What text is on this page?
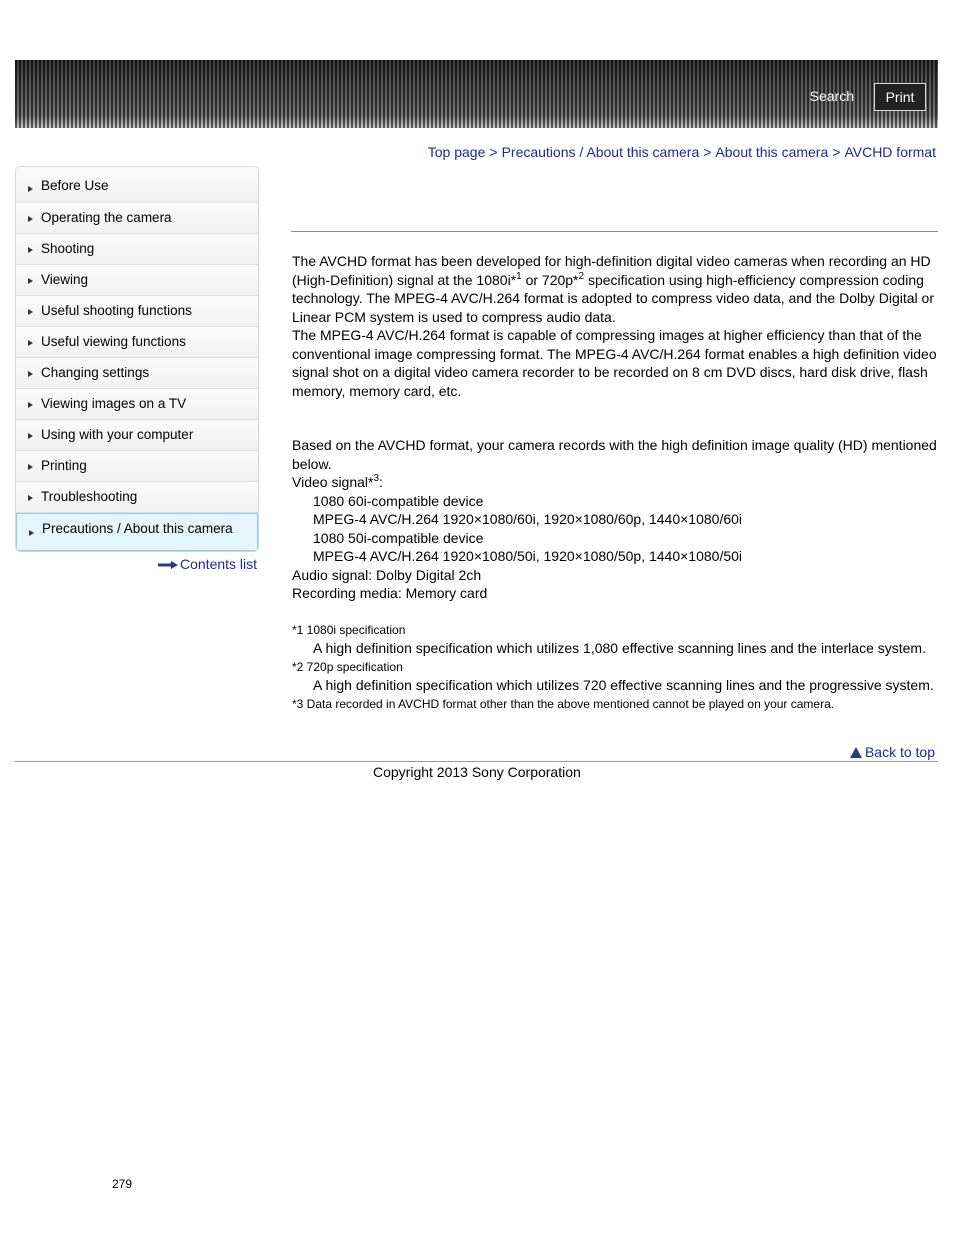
Search	Print
Top page > Precautions / About this camera > About this camera > AVCHD format
Before Use
Operating the camera
Shooting
Viewing
Useful shooting functions
Useful viewing functions
Changing settings
Viewing images on a TV
Using with your computer
Printing
Troubleshooting
Precautions / About this camera
Contents list

The AVCHD format has been developed for high-definition digital video cameras when recording an HD (High-Definition) signal at the 1080i*$^1$ or 720p*$^2$ specification using high-efficiency compression coding technology. The MPEG-4 AVC/H.264 format is adopted to compress video data, and the Dolby Digital or Linear PCM system is used to compress audio data.

The MPEG-4 AVC/H.264 format is capable of compressing images at higher efficiency than that of the conventional image compressing format. The MPEG-4 AVC/H.264 format enables a high definition video signal shot on a digital video camera recorder to be recorded on 8 cm DVD discs, hard disk drive, flash memory, memory card, etc.

Based on the AVCHD format, your camera records with the high definition image quality (HD) mentioned below.

Video signal*$^3$:

1080 60i-compatible device

MPEG-4 AVC/H.264 1920×1080/60i, 1920×1080/60p, 1440×1080/60i

1080 50i-compatible device

MPEG-4 AVC/H.264 1920×1080/50i, 1920×1080/50p, 1440×1080/50i

Audio signal: Dolby Digital 2ch

Recording media: Memory card

*1 1080i specification

A high definition specification which utilizes 1,080 effective scanning lines and the interlace system.

*2 720p specification

A high definition specification which utilizes 720 effective scanning lines and the progressive system.

*3 Data recorded in AVCHD format other than the above mentioned cannot be played on your camera.

Back to top
Copyright 2013 Sony Corporation
279
